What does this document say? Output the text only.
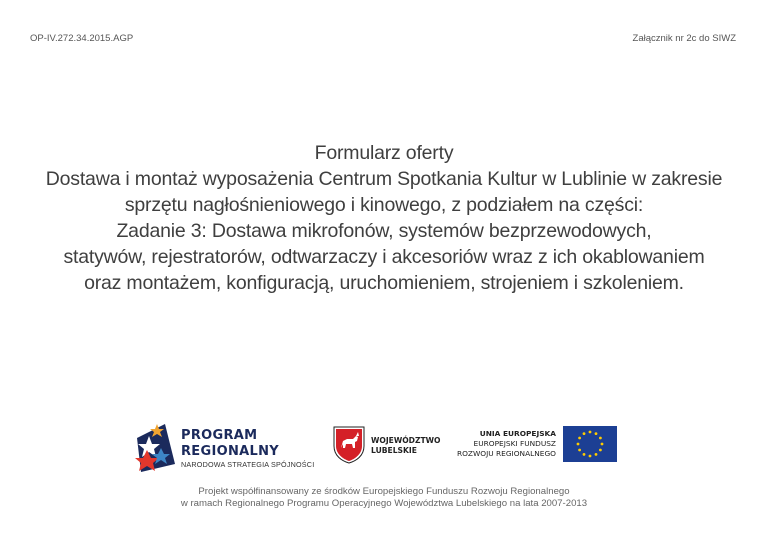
OP-IV.272.34.2015.AGP	Załącznik nr 2c do SIWZ
Formularz oferty
Dostawa i montaż wyposażenia Centrum Spotkania Kultur w Lublinie w zakresie
sprzętu nagłośnieniowego i kinowego, z podziałem na części:
Zadanie 3: Dostawa mikrofonów, systemów bezprzewodowych,
statywów, rejestratorów, odtwarzaczy i akcesoriów wraz z ich okablowaniem
oraz montażem, konfiguracją, uruchomieniem, strojeniem i szkoleniem.
PROGRAM
REGIONALNY
NARODOWA STRATEGIA SPÓJNOŚCI
WOJEWÓDZTWO
LUBELSKIE
UNIA EUROPEJSKA
EUROPEJSKI FUNDUSZ
ROZWOJU REGIONALNEGO
Projekt współfinansowany ze środków Europejskiego Funduszu Rozwoju Regionalnego
w ramach Regionalnego Programu Operacyjnego Województwa Lubelskiego na lata 2007-2013
